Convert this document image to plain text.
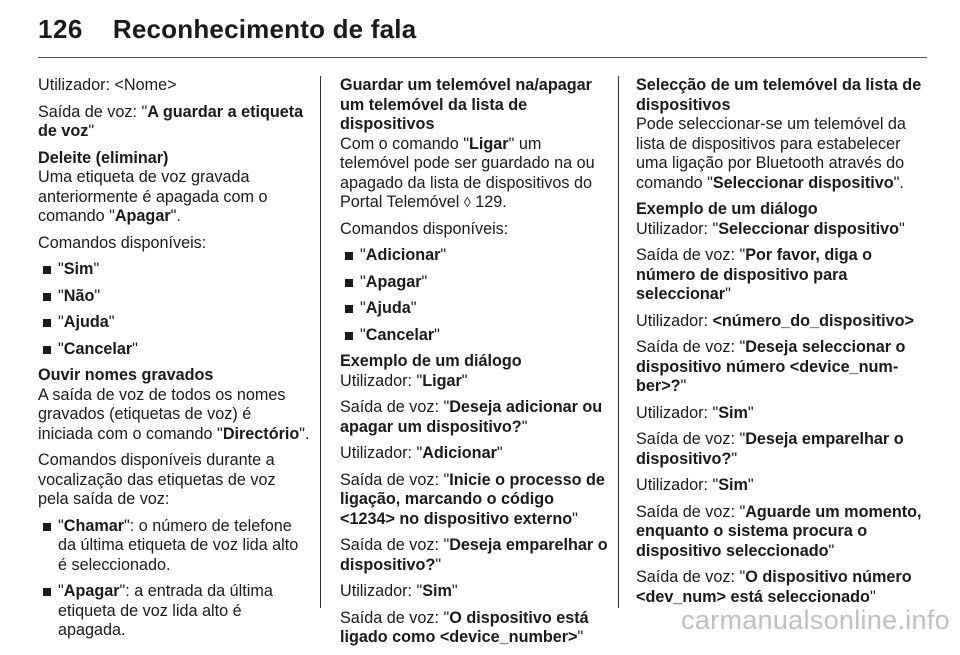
126 Reconhecimento de fala

Utilizador: <Nome>

Saída de voz: "A guardar a etiqueta de voz"

Deleite (eliminar)

Uma etiqueta de voz gravada anteriormente é apagada com o comando "Apagar".

Comandos disponíveis:

"Sim"
"Não"
"Ajuda"
"Cancelar"

Ouvir nomes gravados

A saída de voz de todos os nomes gravados (etiquetas de voz) é iniciada com o comando "Directório".

Comandos disponíveis durante a vocalização das etiquetas de voz pela saída de voz:

"Chamar": o número de telefone da última etiqueta de voz lida alto é seleccionado.
"Apagar": a entrada da última etiqueta de voz lida alto é apagada.

Guardar um telemóvel na/apagar um telemóvel da lista de dispositivos

Com o comando "Ligar" um telemóvel pode ser guardado na ou apagado da lista de dispositivos do Portal Telemóvel ◊ 129.

Comandos disponíveis:

"Adicionar"
"Apagar"
"Ajuda"
"Cancelar"

Exemplo de um diálogo

Utilizador: "Ligar"

Saída de voz: "Deseja adicionar ou apagar um dispositivo?"

Utilizador: "Adicionar"

Saída de voz: "Inicie o processo de ligação, marcando o código <1234> no dispositivo externo"

Saída de voz: "Deseja emparelhar o dispositivo?"

Utilizador: "Sim"

Saída de voz: "O dispositivo está ligado como <device_number>"

Selecção de um telemóvel da lista de dispositivos

Pode seleccionar-se um telemóvel da lista de dispositivos para estabelecer uma ligação por Bluetooth através do comando "Seleccionar dispositivo".

Exemplo de um diálogo

Utilizador: "Seleccionar dispositivo"

Saída de voz: "Por favor, diga o número de dispositivo para seleccionar"

Utilizador: <número_do_dispositivo>

Saída de voz: "Deseja seleccionar o dispositivo número <device_number>?"

Utilizador: "Sim"

Saída de voz: "Deseja emparelhar o dispositivo?"

Utilizador: "Sim"

Saída de voz: "Aguarde um momento, enquanto o sistema procura o dispositivo seleccionado"

Saída de voz: "O dispositivo número <dev_num> está seleccionado"

carmanualsonline.info
